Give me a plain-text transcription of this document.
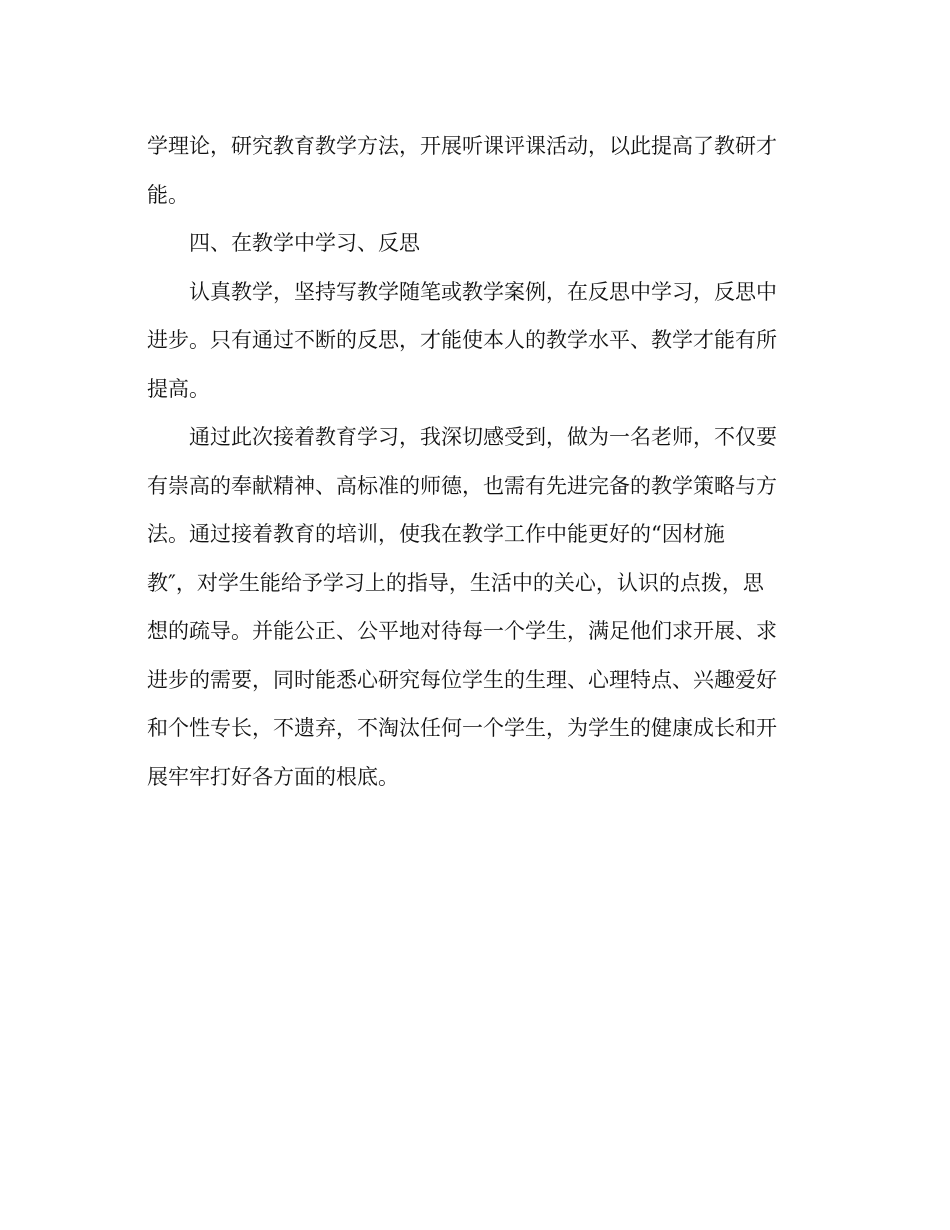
学理论，研究教育教学方法，开展听课评课活动，以此提高了教研才
能。
四、在教学中学习、反思
认真教学，坚持写教学随笔或教学案例，在反思中学习，反思中
进步。只有通过不断的反思，才能使本人的教学水平、教学才能有所
提高。
通过此次接着教育学习，我深切感受到，做为一名老师，不仅要
有崇高的奉献精神、高标准的师德，也需有先进完备的教学策略与方
法。通过接着教育的培训，使我在教学工作中能更好的“因材施
教″，对学生能给予学习上的指导，生活中的关心，认识的点拨，思
想的疏导。并能公正、公平地对待每一个学生，满足他们求开展、求
进步的需要，同时能悉心研究每位学生的生理、心理特点、兴趣爱好
和个性专长，不遗弃，不淘汰任何一个学生，为学生的健康成长和开
展牢牢打好各方面的根底。
